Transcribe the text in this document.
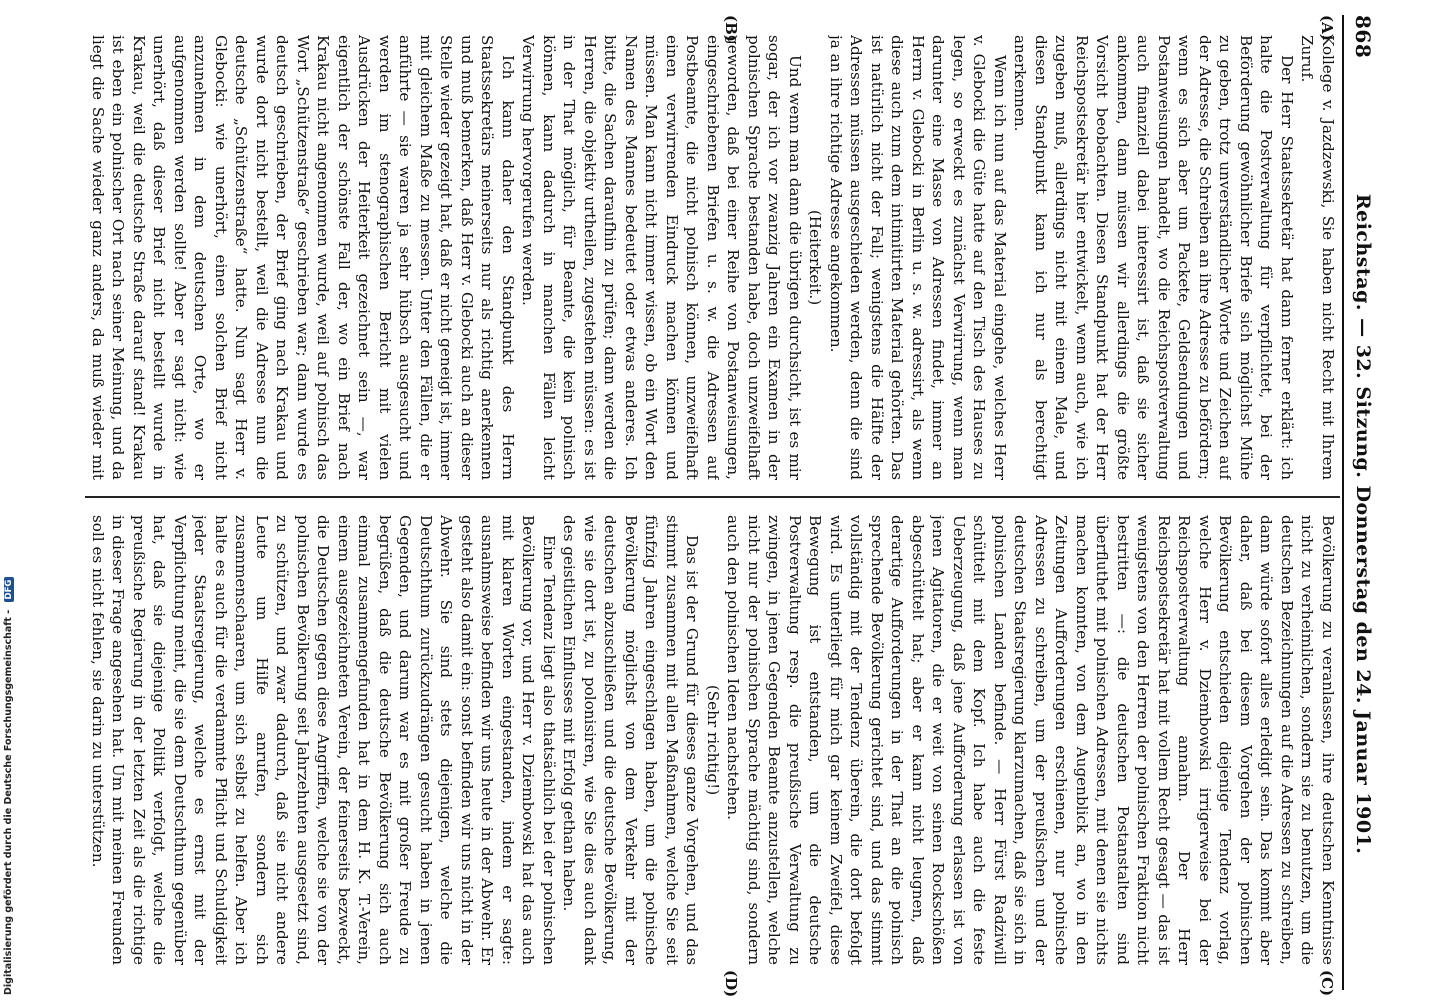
868
Reichstag. — 32. Sitzung. Donnerstag den 24. Januar 1901.
(A)
(B)
(C)
(D)

Kollege v. Jazdzewski, Sie haben nicht Recht mit Ihrem Zuruf.

Der Herr Staatssekretär hat dann ferner erklärt: ich halte die Postverwaltung für verpflichtet, bei der Beförderung gewöhnlicher Briefe sich möglichst Mühe zu geben, trotz unverständlicher Worte und Zeichen auf der Adresse, die Schreiben an ihre Adresse zu befördern; wenn es sich aber um Packete, Geldsendungen und Postanweisungen handelt, wo die Reichspostverwaltung auch finanziell dabei interessirt ist, daß sie sicher ankommen, dann müssen wir allerdings die größte Vorsicht beobachten. Diesen Standpunkt hat der Herr Reichspostsekretär hier entwickelt, wenn auch, wie ich zugeben muß, allerdings nicht mit einem Male, und diesen Standpunkt kann ich nur als berechtigt anerkennen.

Wenn ich nun auf das Material eingehe, welches Herr v. Glebocki die Güte hatte auf den Tisch des Hauses zu legen, so erweckt es zunächst Verwirrung, wenn man darunter eine Masse von Adressen findet, immer an Herrn v. Glebocki in Berlin u. s. w. adressirt, als wenn diese auch zum dem intimitirten Material gehörten. Das ist natürlich nicht der Fall; wenigstens die Hälfte der Adressen müssen ausgeschieden werden, denn die sind ja an ihre richtige Adresse angekommen.

(Heiterkeit.)

Und wenn man dann die übrigen durchsicht, ist es mir sogar, der ich vor zwanzig Jahren ein Examen in der polnischen Sprache bestanden habe, doch unzweifelhaft geworden, daß bei einer Reihe von Postanweisungen, eingeschriebenen Briefen u. s. w. die Adressen auf Postbeamte, die nicht polnisch können, unzweifelhaft einen verwirrenden Eindruck machen können und müssen. Man kann nicht immer wissen, ob ein Wort den Namen des Mannes bedeutet oder etwas anderes. Ich bitte, die Sachen daraufhin zu prüfen; dann werden die Herren, die objektiv urtheilen, zugestehen müssen: es ist in der That möglich, für Beamte, die kein polnisch können, kann dadurch in manchen Fällen leicht Verwirrung hervorgerufen werden.

Ich kann daher den Standpunkt des Herrn Staatssekretärs meinerseits nur als richtig anerkennen und muß bemerken, daß Herr v. Glebocki auch an dieser Stelle wieder gezeigt hat, daß er nicht geneigt ist, immer mit gleichem Maße zu messen. Unter den Fällen, die er anführte — sie waren ja sehr hübsch ausgesucht und werden im stenographischen Bericht mit vielen Ausdrücken der Heiterkeit gezeichnet sein —, war eigentlich der schönste Fall der, wo ein Brief nach Krakau nicht angenommen wurde, weil auf polnisch das Wort „Schützenstraße“ geschrieben war; dann wurde es deutsch geschrieben, der Brief ging nach Krakau und wurde dort nicht bestellt, weil die Adresse nun die deutsche „Schützenstraße“ hatte. Nun sagt Herr v. Glebocki: wie unerhört, einen solchen Brief nicht anzunehmen in dem deutschen Orte, wo er aufgenommen werden sollte! Aber er sagt nicht: wie unerhört, daß dieser Brief nicht bestellt wurde in Krakau, weil die deutsche Straße darauf stand! Krakau ist eben ein polnischer Ort nach seiner Meinung, und da liegt die Sache wieder ganz anders, da muß wieder mit

Bevölkerung zu veranlassen, ihre deutschen Kenntnisse nicht zu verheimlichen, sondern sie zu benutzen, um die deutschen Bezeichnungen auf die Adressen zu schreiben, dann würde sofort alles erledigt sein. Das kommt aber daher, daß bei diesem Vorgehen der polnischen Bevölkerung entschieden diejenige Tendenz vorlag, welche Herr v. Dziembowski irrigerweise bei der Reichspostverwaltung annahm. Der Herr Reichspostsekretär hat mit vollem Recht gesagt — das ist wenigstens von den Herren der polnischen Fraktion nicht bestritten —: die deutschen Postanstalten sind überfluthet mit polnischen Adressen, mit denen sie nichts machen konnten, von dem Augenblick an, wo in den Zeitungen Aufforderungen erschienen, nur polnische Adressen zu schreiben, um der preußischen und der deutschen Staatsregierung klarzumachen, daß sie sich in polnischen Landen befinde. — Herr Fürst Radziwill schüttelt mit dem Kopf. Ich habe auch die feste Ueberzeugung, daß jene Aufforderung erlassen ist von jenen Agitatoren, die er weit von seinen Rockschößen abgeschüttelt hat; aber er kann nicht leugnen, daß derartige Aufforderungen in der That an die polnisch sprechende Bevölkerung gerichtet sind, und das stimmt vollständig mit der Tendenz überein, die dort befolgt wird. Es unterliegt für mich gar keinem Zweifel, diese Bewegung ist entstanden, um die deutsche Postverwaltung resp. die preußische Verwaltung zu zwingen, in jenen Gegenden Beamte anzustellen, welche nicht nur der polnischen Sprache mächtig sind, sondern auch den polnischen Ideen nachstehen.

(Sehr richtig!)

Das ist der Grund für dieses ganze Vorgehen, und das stimmt zusammen mit allen Maßnahmen, welche Sie seit fünfzig Jahren eingeschlagen haben, um die polnische Bevölkerung möglichst von dem Verkehr mit der deutschen abzuschließen und die deutsche Bevölkerung, wie sie dort ist, zu polonisiren, wie Sie dies auch dank des geistlichen Einflusses mit Erfolg gethan haben.

Eine Tendenz liegt also thatsächlich bei der polnischen Bevölkerung vor, und Herr v. Dziembowski hat das auch mit klaren Worten eingestanden, indem er sagte: ausnahmsweise befinden wir uns heute in der Abwehr. Er gesteht also damit ein: sonst befinden wir uns nicht in der Abwehr. Sie sind stets diejenigen, welche die Deutschthum zurückzudrängen gesucht haben in jenen Gegenden, und darum war es mit großer Freude zu begrüßen, daß die deutsche Bevölkerung sich auch einmal zusammengefunden hat in dem H. K. T.-Verein, einem ausgezeichneten Verein, der feinerseits bezweckt, die Deutschen gegen diese Angriffen, welche sie von der polnischen Bevölkerung seit Jahrzehnten ausgesetzt sind, zu schützen, und zwar dadurch, daß sie nicht andere Leute um Hilfe anrufen, sondern sich zusammenschaaren, um sich selbst zu helfen. Aber ich halte es auch für die verdammte Pflicht und Schuldigkeit jeder Staatsregierung, welche es ernst mit der Verpflichtung meint, die sie dem Deutschthum gegenüber hat, daß sie diejenige Politik verfolgt, welche die preußische Regierung in der letzten Zeit als die richtige in dieser Frage angesehen hat. Um mit meinen Freunden soll es nicht fehlen, sie darin zu unterstützen.

Digitalisierung gefördert durch die Deutsche Forschungsgemeinschaft - DFG
